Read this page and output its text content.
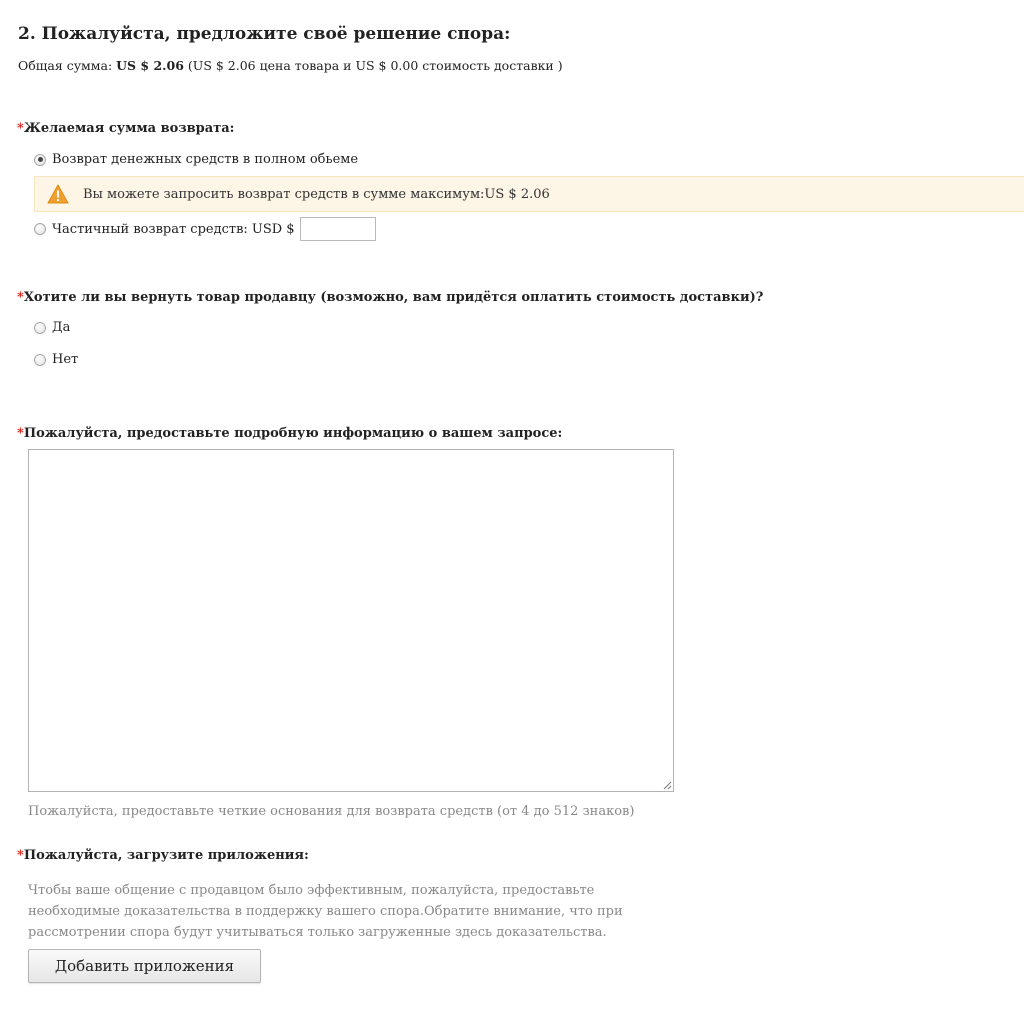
2. Пожалуйста, предложите своё решение спора:
Общая сумма: US $ 2.06 (US $ 2.06 цена товара и US $ 0.00 стоимость доставки )
*Желаемая сумма возврата:
Возврат денежных средств в полном обьеме
Вы можете запросить возврат средств в сумме максимум:US $ 2.06
Частичный возврат средств: USD $
*Хотите ли вы вернуть товар продавцу (возможно, вам придётся оплатить стоимость доставки)?
Да
Нет
*Пожалуйста, предоставьте подробную информацию о вашем запросе:
Пожалуйста, предоставьте четкие основания для возврата средств (от 4 до 512 знаков)
*Пожалуйста, загрузите приложения:
Чтобы ваше общение с продавцом было эффективным, пожалуйста, предоставьте необходимые доказательства в поддержку вашего спора.Обратите внимание, что при рассмотрении спора будут учитываться только загруженные здесь доказательства.
Добавить приложения
